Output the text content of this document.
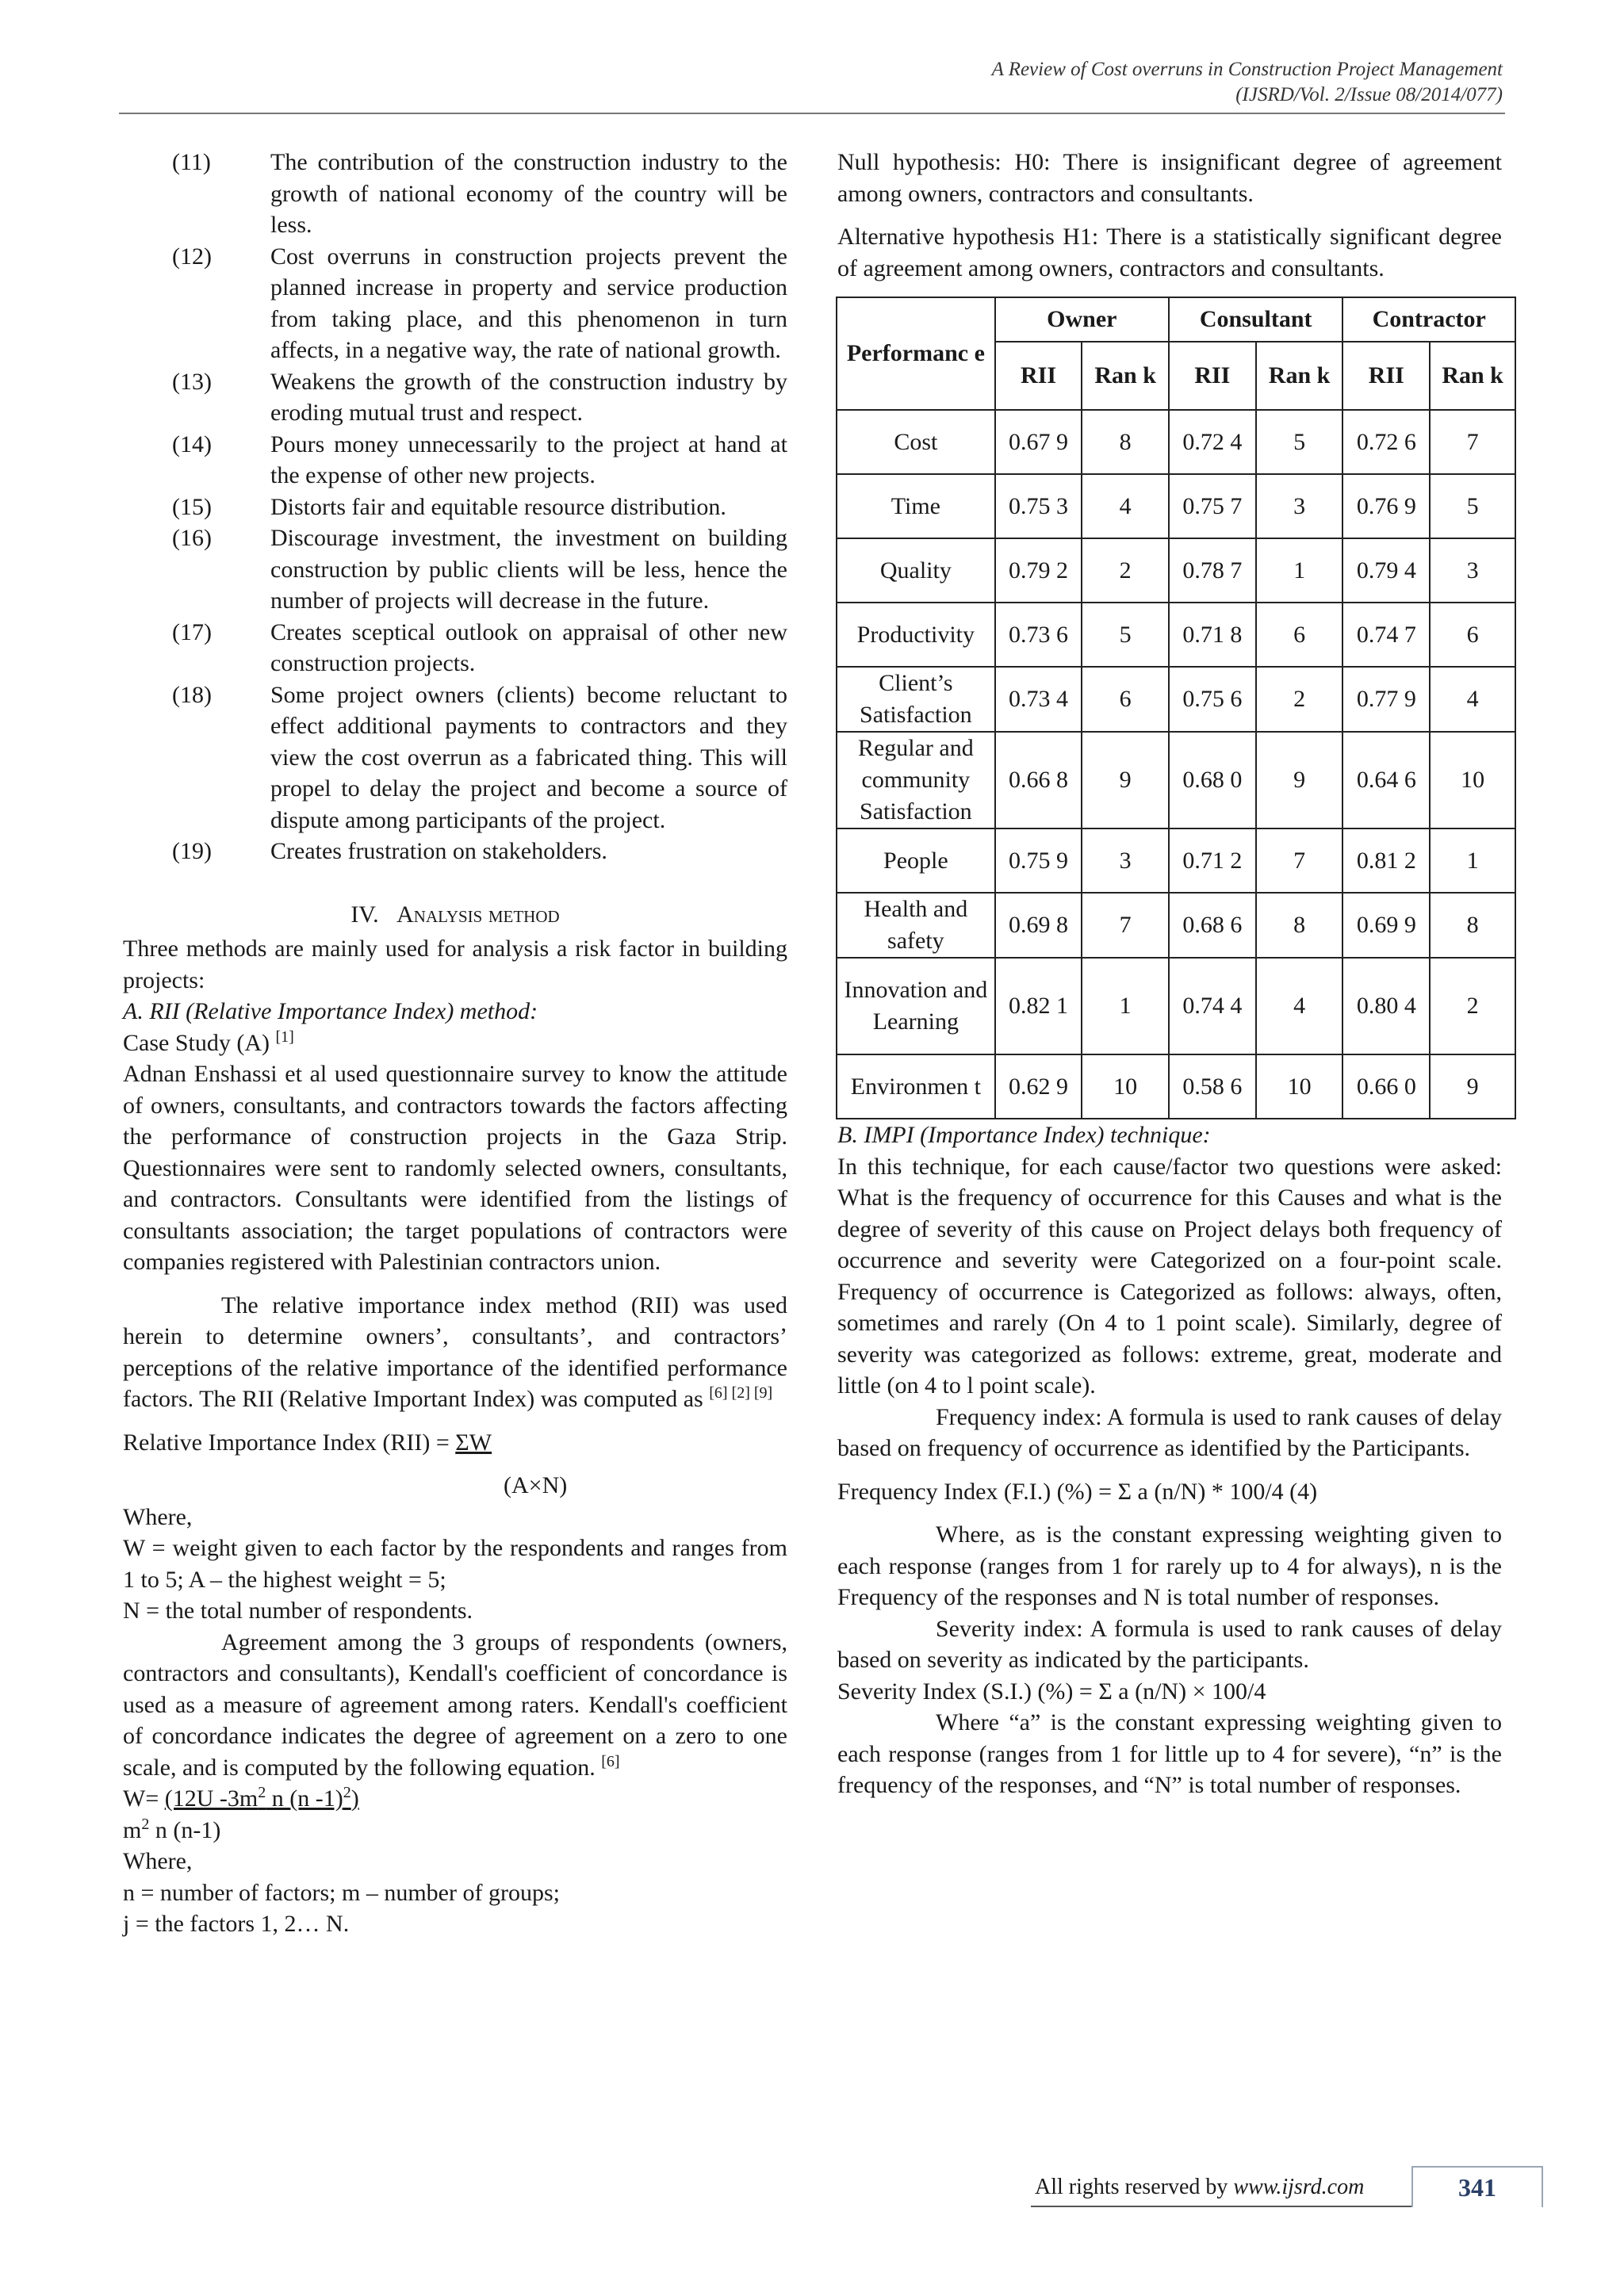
A Review of Cost overruns in Construction Project Management
(IJSRD/Vol. 2/Issue 08/2014/077)
(11)	The contribution of the construction industry to the growth of national economy of the country will be less.
(12) Cost overruns in construction projects prevent the planned increase in property and service production from taking place, and this phenomenon in turn affects, in a negative way, the rate of national growth.
(13) Weakens the growth of the construction industry by eroding mutual trust and respect.
(14) Pours money unnecessarily to the project at hand at the expense of other new projects.
(15) Distorts fair and equitable resource distribution.
(16) Discourage investment, the investment on building construction by public clients will be less, hence the number of projects will decrease in the future.
(17) Creates sceptical outlook on appraisal of other new construction projects.
(18) Some project owners (clients) become reluctant to effect additional payments to contractors and they view the cost overrun as a fabricated thing. This will propel to delay the project and become a source of dispute among participants of the project.
(19) Creates frustration on stakeholders.

IV. Analysis method

Three methods are mainly used for analysis a risk factor in building projects:

A. RII (Relative Importance Index) method:

Case Study (A) [1]

Adnan Enshassi et al used questionnaire survey to know the attitude of owners, consultants, and contractors towards the factors affecting the performance of construction projects in the Gaza Strip. Questionnaires were sent to randomly selected owners, consultants, and contractors. Consultants were identified from the listings of consultants association; the target populations of contractors were companies registered with Palestinian contractors union.

The relative importance index method (RII) was used herein to determine owners’, consultants’, and contractors’ perceptions of the relative importance of the identified performance factors. The RII (Relative Important Index) was computed as [6] [2] [9]

Relative Importance Index (RII) = ΣW

(A×N)

Where,

W = weight given to each factor by the respondents and ranges from 1 to 5; A – the highest weight = 5;

N = the total number of respondents.

Agreement among the 3 groups of respondents (owners, contractors and consultants), Kendall's coefficient of concordance is used as a measure of agreement among raters. Kendall's coefficient of concordance indicates the degree of agreement on a zero to one scale, and is computed by the following equation. [6]

W= (12U $-3m^2$ n (n -1)$^2$)

$m^2$ n (n-1)

Where,

n = number of factors; m – number of groups;

j = the factors 1, 2… N.

Null hypothesis: H0: There is insignificant degree of agreement among owners, contractors and consultants.

Alternative hypothesis H1: There is a statistically significant degree of agreement among owners, contractors and consultants.

Performanc e	Owner		Consultant		Contractor	
	RII	Ran k	RII	Ran k	RII	Ran k
Cost	0.67 9	8	0.72 4	5	0.72 6	7
Time	0.75 3	4	0.75 7	3	0.76 9	5
Quality	0.79 2	2	0.78 7	1	0.79 4	3
Productivity	0.73 6	5	0.71 8	6	0.74 7	6
Client’s Satisfaction	0.73 4	6	0.75 6	2	0.77 9	4
Regular and community Satisfaction	0.66 8	9	0.68 0	9	0.64 6	10
People	0.75 9	3	0.71 2	7	0.81 2	1
Health and safety	0.69 8	7	0.68 6	8	0.69 9	8
Innovation and Learning	0.82 1	1	0.74 4	4	0.80 4	2
Environmen t	0.62 9	10	0.58 6	10	0.66 0	9

B. IMPI (Importance Index) technique:

In this technique, for each cause/factor two questions were asked: What is the frequency of occurrence for this Causes and what is the degree of severity of this cause on Project delays both frequency of occurrence and severity were Categorized on a four-point scale. Frequency of occurrence is Categorized as follows: always, often, sometimes and rarely (On 4 to 1 point scale). Similarly, degree of severity was categorized as follows: extreme, great, moderate and little (on 4 to l point scale).

Frequency index: A formula is used to rank causes of delay based on frequency of occurrence as identified by the Participants.

Frequency Index (F.I.) (%) = Σ a (n/N) * 100/4 (4)

Where, as is the constant expressing weighting given to each response (ranges from 1 for rarely up to 4 for always), n is the Frequency of the responses and N is total number of responses.

Severity index: A formula is used to rank causes of delay based on severity as indicated by the participants.

Severity Index (S.I.) (%) = Σ a (n/N) × 100/4

Where “a” is the constant expressing weighting given to each response (ranges from 1 for little up to 4 for severe), “n” is the frequency of the responses, and “N” is total number of responses.

All rights reserved by www.ijsrd.com	341
